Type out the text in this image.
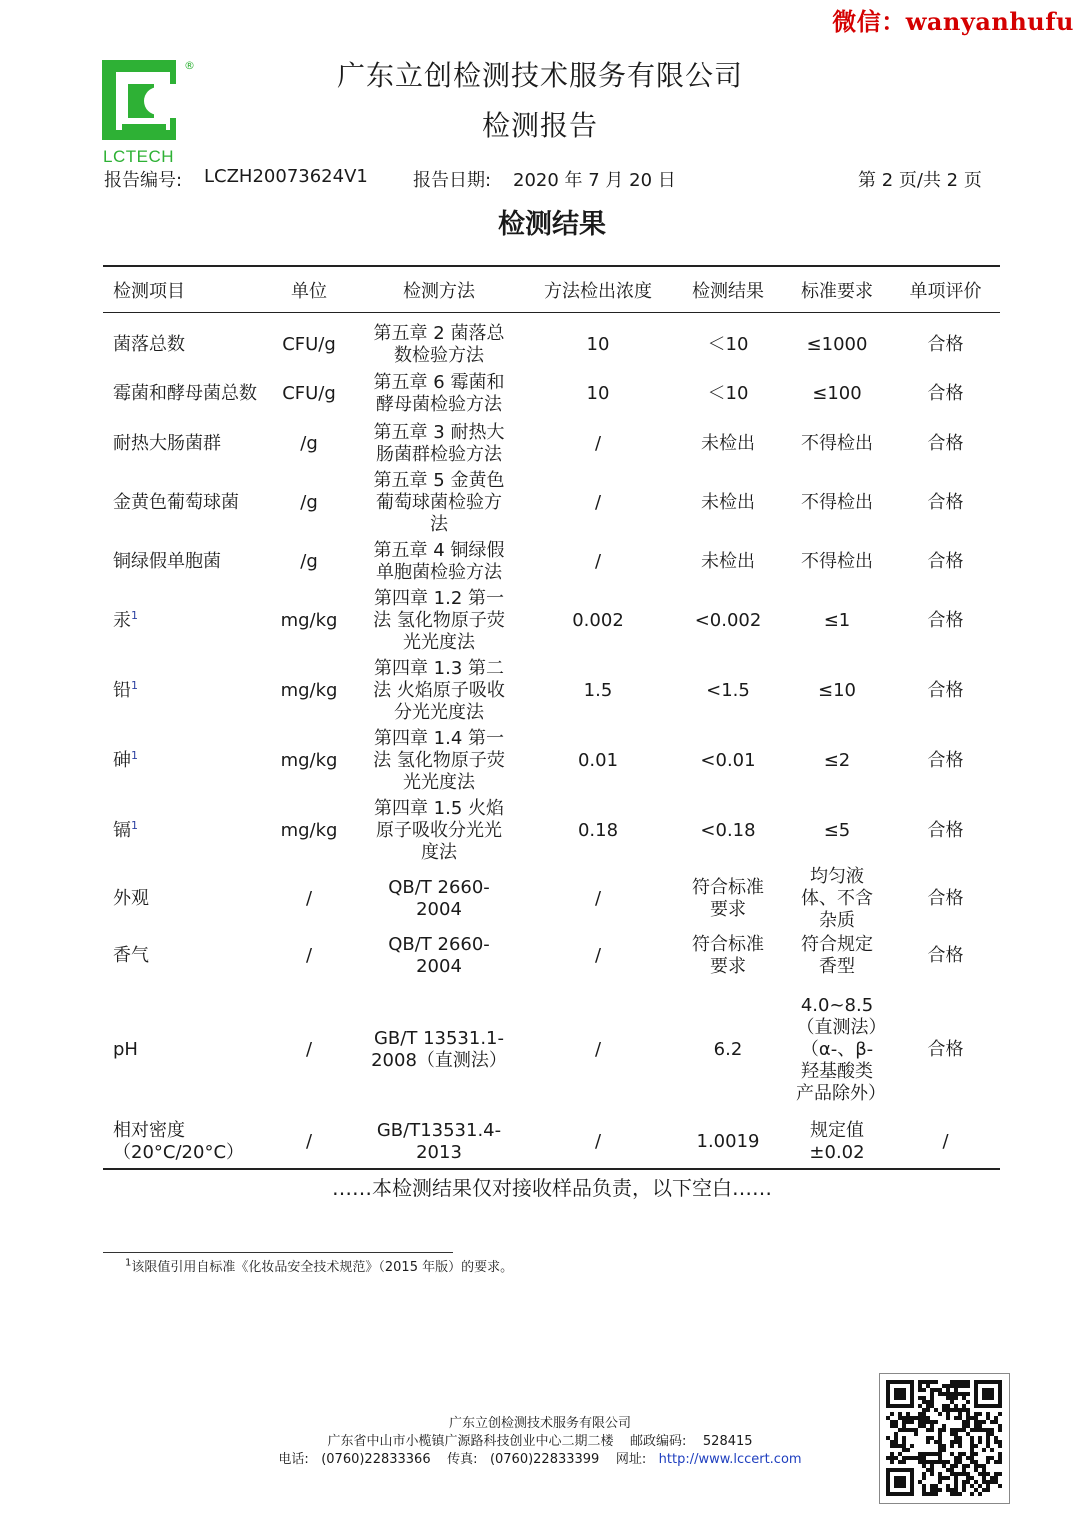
微信：wanyanhufu
®
LCTECH
广东立创检测技术服务有限公司
检测报告
报告编号: LCZH20073624V1	报告日期: 2020 年 7 月 20 日	第 2 页/共 2 页
检测结果
检测项目	单位	检测方法	方法检出浓度	检测结果	标准要求	单项评价

菌落总数	CFU/g	第五章 2 菌落总数检验方法	10	＜10	≤1000	合格

霉菌和酵母菌总数	CFU/g	第五章 6 霉菌和酵母菌检验方法	10	＜10	≤100	合格

耐热大肠菌群	/g	第五章 3 耐热大肠菌群检验方法	/	未检出	不得检出	合格

金黄色葡萄球菌	/g	第五章 5 金黄色葡萄球菌检验方法	/	未检出	不得检出	合格

铜绿假单胞菌	/g	第五章 4 铜绿假单胞菌检验方法	/	未检出	不得检出	合格

汞$^1$	mg/kg	第四章 1.2 第一法 氢化物原子荧光光度法	0.002	<0.002	≤1	合格

铅$^1$	mg/kg	第四章 1.3 第二法 火焰原子吸收分光光度法	1.5	<1.5	≤10	合格

砷$^1$	mg/kg	第四章 1.4 第一法 氢化物原子荧光光度法	0.01	<0.01	≤2	合格

镉$^1$	mg/kg	第四章 1.5 火焰原子吸收分光光度法	0.18	<0.18	≤5	合格

外观	/	QB/T 2660-2004	/	符合标准要求	均匀液体、不含杂质	合格

香气	/	QB/T 2660-2004	/	符合标准要求	符合规定香型	合格

pH	/	GB/T 13531.1-2008（直测法）	/	6.2	4.0~8.5（直测法）（α-、β-羟基酸类产品除外）	合格

相对密度（20°C/20°C）	/	GB/T13531.4-2013	/	1.0019	规定值±0.02	/
……本检测结果仅对接收样品负责，以下空白……
$^1$该限值引用自标准《化妆品安全技术规范》（2015 年版）的要求。
广东立创检测技术服务有限公司
广东省中山市小榄镇广源路科技创业中心二期二楼 邮政编码: 528415
电话: (0760)22833366 传真: (0760)22833399 网址: http://www.lccert.com
